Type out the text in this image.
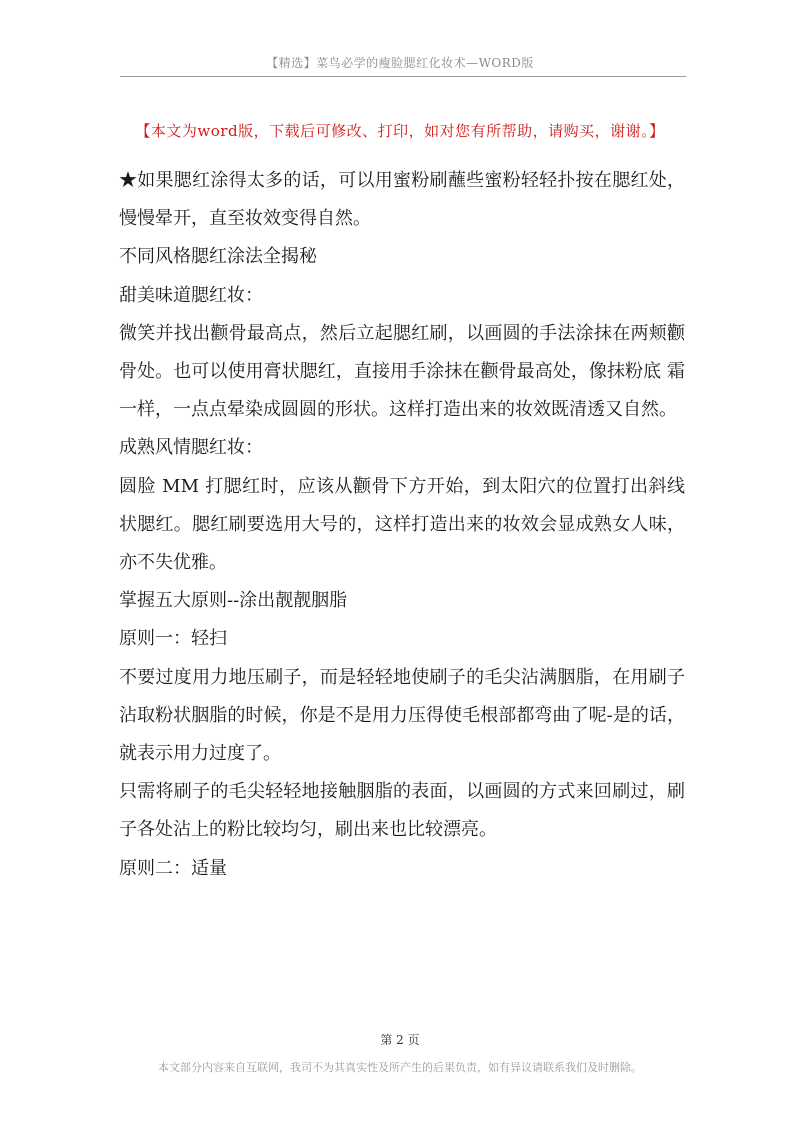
【精选】菜鸟必学的瘦脸腮红化妆术—WORD版
【本文为word版，下载后可修改、打印，如对您有所帮助，请购买，谢谢。】

★如果腮红涂得太多的话，可以用蜜粉刷蘸些蜜粉轻轻扑按在腮红处，慢慢晕开，直至妆效变得自然。

不同风格腮红涂法全揭秘

甜美味道腮红妆：

微笑并找出颧骨最高点，然后立起腮红刷，以画圆的手法涂抹在两颊颧骨处。也可以使用膏状腮红，直接用手涂抹在颧骨最高处，像抹粉底 霜一样，一点点晕染成圆圆的形状。这样打造出来的妆效既清透又自然。

成熟风情腮红妆：

圆脸 MM 打腮红时，应该从颧骨下方开始，到太阳穴的位置打出斜线状腮红。腮红刷要选用大号的，这样打造出来的妆效会显成熟女人味，亦不失优雅。

掌握五大原则--涂出靓靓胭脂

原则一：轻扫

不要过度用力地压刷子，而是轻轻地使刷子的毛尖沾满胭脂，在用刷子沾取粉状胭脂的时候，你是不是用力压得使毛根部都弯曲了呢-是的话，就表示用力过度了。

只需将刷子的毛尖轻轻地接触胭脂的表面，以画圆的方式来回刷过，刷子各处沾上的粉比较均匀，刷出来也比较漂亮。

原则二：适量

第 2 页
本文部分内容来自互联网，我司不为其真实性及所产生的后果负责，如有异议请联系我们及时删除。
